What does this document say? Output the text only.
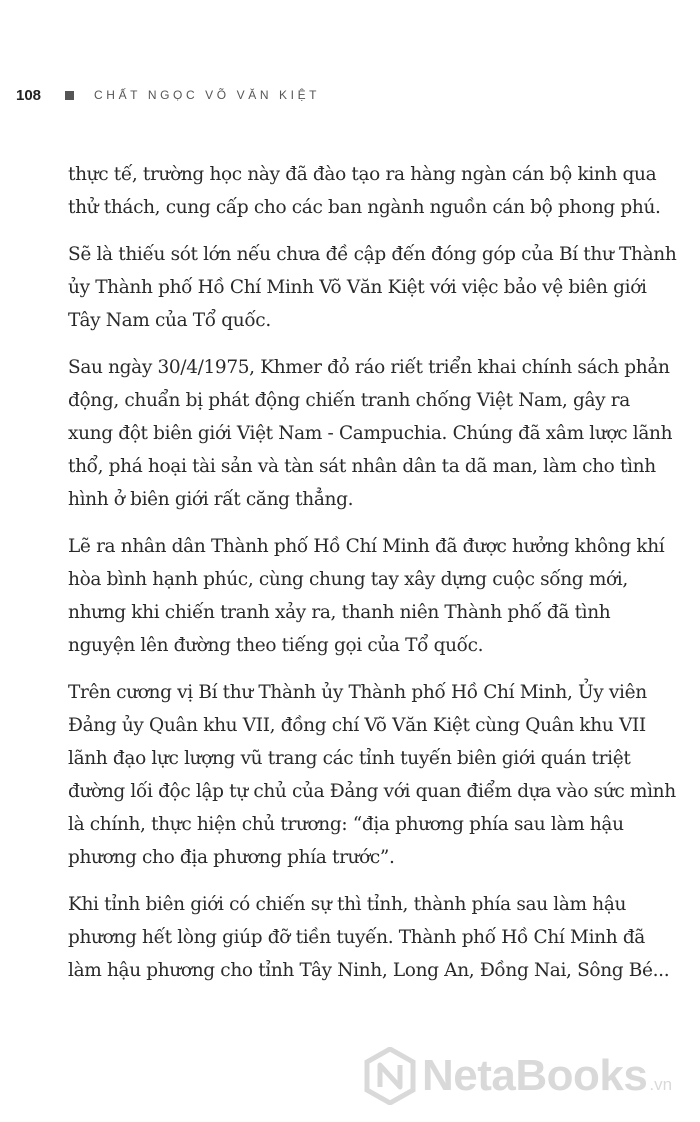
108	CHẤT NGỌC VÕ VĂN KIỆT

thực tế, trường học này đã đào tạo ra hàng ngàn cán bộ kinh qua thử thách, cung cấp cho các ban ngành nguồn cán bộ phong phú.

Sẽ là thiếu sót lớn nếu chưa đề cập đến đóng góp của Bí thư Thành ủy Thành phố Hồ Chí Minh Võ Văn Kiệt với việc bảo vệ biên giới Tây Nam của Tổ quốc.

Sau ngày 30/4/1975, Khmer đỏ ráo riết triển khai chính sách phản động, chuẩn bị phát động chiến tranh chống Việt Nam, gây ra xung đột biên giới Việt Nam - Campuchia. Chúng đã xâm lược lãnh thổ, phá hoại tài sản và tàn sát nhân dân ta dã man, làm cho tình hình ở biên giới rất căng thẳng.

Lẽ ra nhân dân Thành phố Hồ Chí Minh đã được hưởng không khí hòa bình hạnh phúc, cùng chung tay xây dựng cuộc sống mới, nhưng khi chiến tranh xảy ra, thanh niên Thành phố đã tình nguyện lên đường theo tiếng gọi của Tổ quốc.

Trên cương vị Bí thư Thành ủy Thành phố Hồ Chí Minh, Ủy viên Đảng ủy Quân khu VII, đồng chí Võ Văn Kiệt cùng Quân khu VII lãnh đạo lực lượng vũ trang các tỉnh tuyến biên giới quán triệt đường lối độc lập tự chủ của Đảng với quan điểm dựa vào sức mình là chính, thực hiện chủ trương: “địa phương phía sau làm hậu phương cho địa phương phía trước”.

Khi tỉnh biên giới có chiến sự thì tỉnh, thành phía sau làm hậu phương hết lòng giúp đỡ tiền tuyến. Thành phố Hồ Chí Minh đã làm hậu phương cho tỉnh Tây Ninh, Long An, Đồng Nai, Sông Bé...

NetaBooks .vn
